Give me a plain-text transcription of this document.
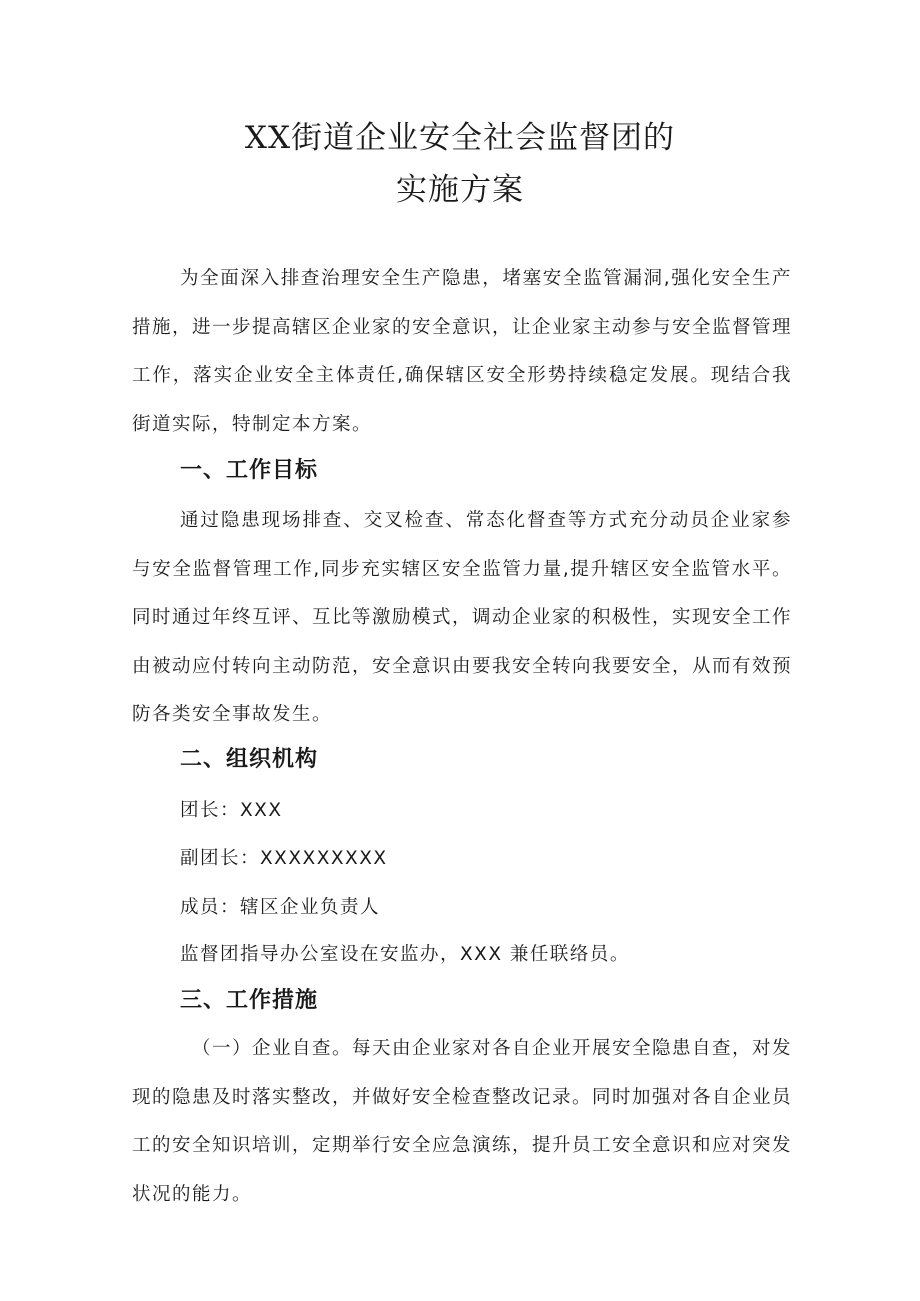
XX街道企业安全社会监督团的
实施方案

为全面深入排查治理安全生产隐患，堵塞安全监管漏洞,强化安全生产措施，进一步提高辖区企业家的安全意识，让企业家主动参与安全监督管理工作，落实企业安全主体责任,确保辖区安全形势持续稳定发展。现结合我街道实际，特制定本方案。

一、工作目标

通过隐患现场排查、交叉检查、常态化督查等方式充分动员企业家参与安全监督管理工作,同步充实辖区安全监管力量,提升辖区安全监管水平。同时通过年终互评、互比等激励模式，调动企业家的积极性，实现安全工作由被动应付转向主动防范，安全意识由要我安全转向我要安全，从而有效预防各类安全事故发生。

二、组织机构
团长：XXX
副团长：XXXXXXXXX
成员：辖区企业负责人
监督团指导办公室设在安监办，XXX 兼任联络员。
三、工作措施

（一）企业自查。每天由企业家对各自企业开展安全隐患自查，对发现的隐患及时落实整改，并做好安全检查整改记录。同时加强对各自企业员工的安全知识培训，定期举行安全应急演练，提升员工安全意识和应对突发状况的能力。
